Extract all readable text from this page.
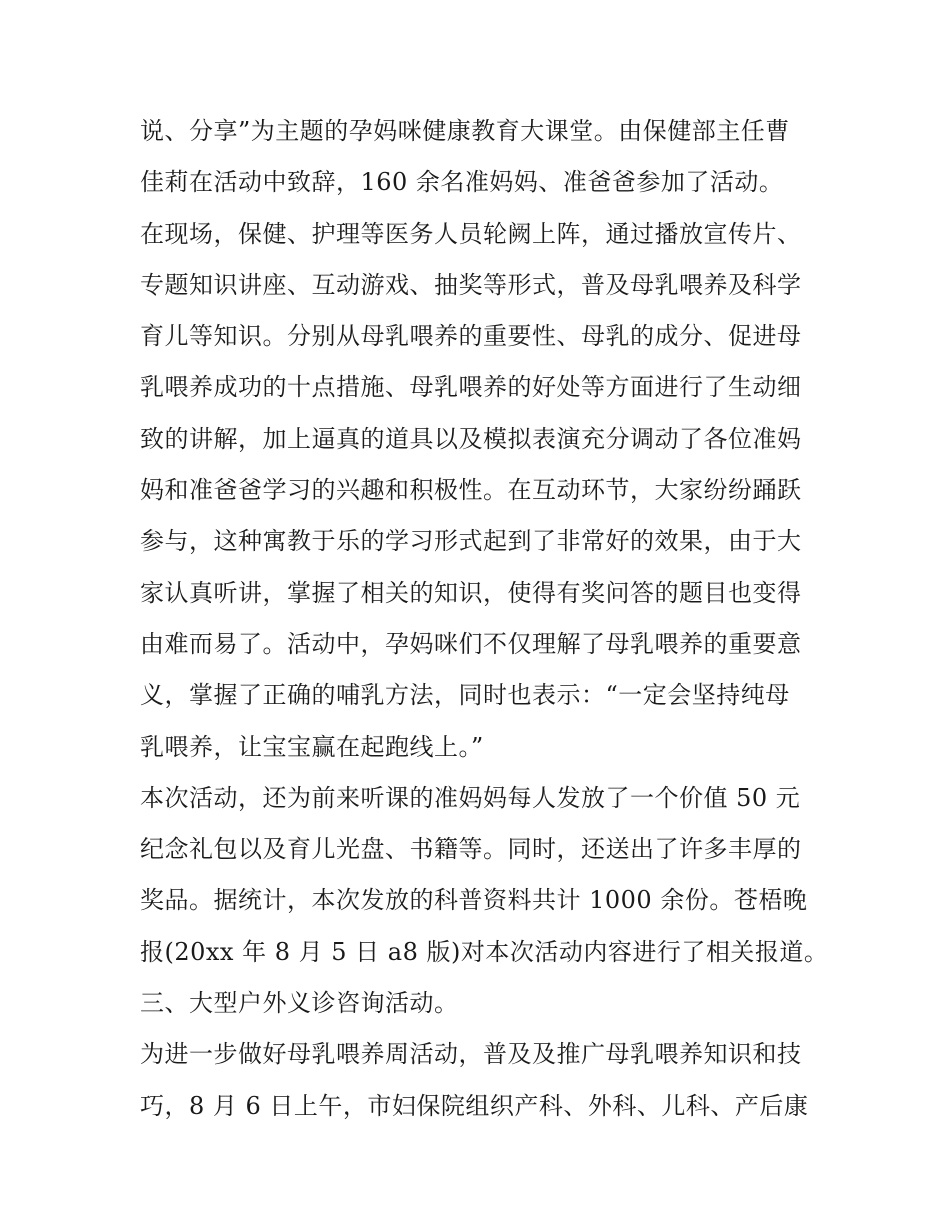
说、分享”为主题的孕妈咪健康教育大课堂。由保健部主任曹
佳莉在活动中致辞，160 余名准妈妈、准爸爸参加了活动。
在现场，保健、护理等医务人员轮阙上阵，通过播放宣传片、
专题知识讲座、互动游戏、抽奖等形式，普及母乳喂养及科学
育儿等知识。分别从母乳喂养的重要性、母乳的成分、促进母
乳喂养成功的十点措施、母乳喂养的好处等方面进行了生动细
致的讲解，加上逼真的道具以及模拟表演充分调动了各位准妈
妈和准爸爸学习的兴趣和积极性。在互动环节，大家纷纷踊跃
参与，这种寓教于乐的学习形式起到了非常好的效果，由于大
家认真听讲，掌握了相关的知识，使得有奖问答的题目也变得
由难而易了。活动中，孕妈咪们不仅理解了母乳喂养的重要意
义，掌握了正确的哺乳方法，同时也表示：“一定会坚持纯母
乳喂养，让宝宝赢在起跑线上。”
本次活动，还为前来听课的准妈妈每人发放了一个价值 50 元
纪念礼包以及育儿光盘、书籍等。同时，还送出了许多丰厚的
奖品。据统计，本次发放的科普资料共计 1000 余份。苍梧晚
报(20xx 年 8 月 5 日 a8 版)对本次活动内容进行了相关报道。
三、大型户外义诊咨询活动。
为进一步做好母乳喂养周活动，普及及推广母乳喂养知识和技
巧，8 月 6 日上午，市妇保院组织产科、外科、儿科、产后康
